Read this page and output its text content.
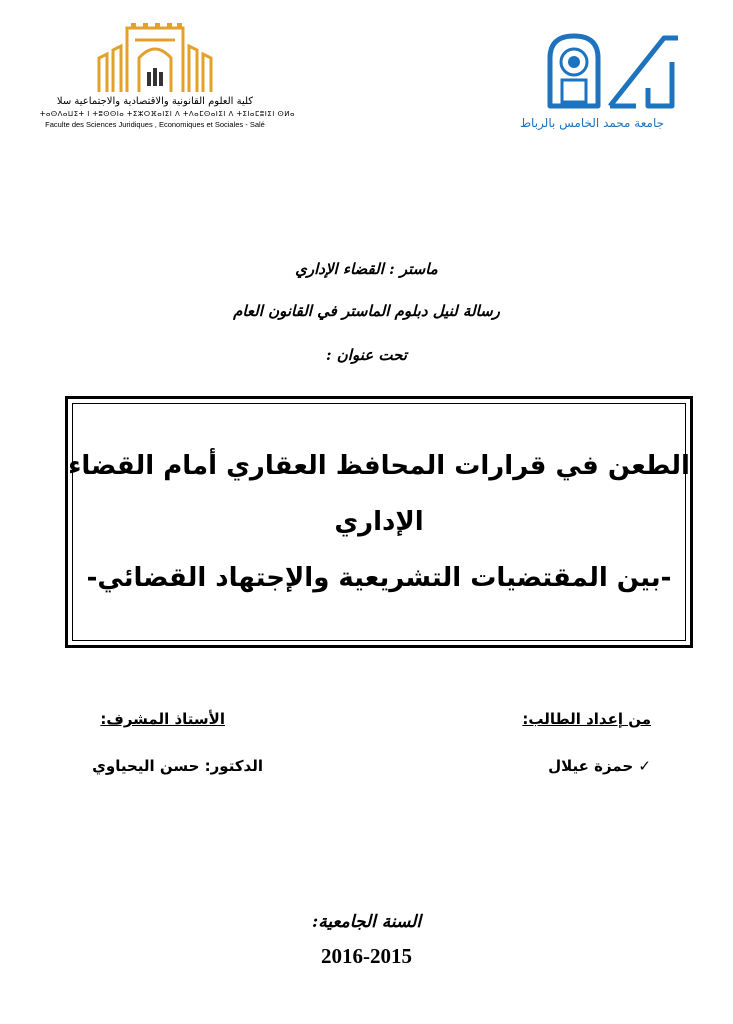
كلية العلوم القانونية والاقتصادية والاجتماعية سلا
ⵜⴰⵙⴷⴰⵡⵉⵜ ⵏ ⵜⵓⵙⵙⵏⴰ ⵜⵉⵣⵔⴼⴰⵏⵉⵏ ⴷ ⵜⴷⴰⵎⵙⴰⵏⵉⵏ ⴷ ⵜⵉⵏⴰⵎⵓⵏⵉⵏ ⵙⵍⴰ
Faculte des Sciences Juridiques , Economiques et Sociales - Salé	جامعة محمد الخامس بالرباط
ماستر : القضاء الإداري
رسالة لنيل دبلوم الماستر في القانون العام
تحت عنوان :
الطعن في قرارات المحافظ العقاري أمام القضاء
الإداري
-بين المقتضيات التشريعية والإجتهاد القضائي-
من إعداد الطالب:
✓ حمزة عيلال
الأستاذ المشرف:
الدكتور: حسن اليحياوي
السنة الجامعية:
2016-2015
